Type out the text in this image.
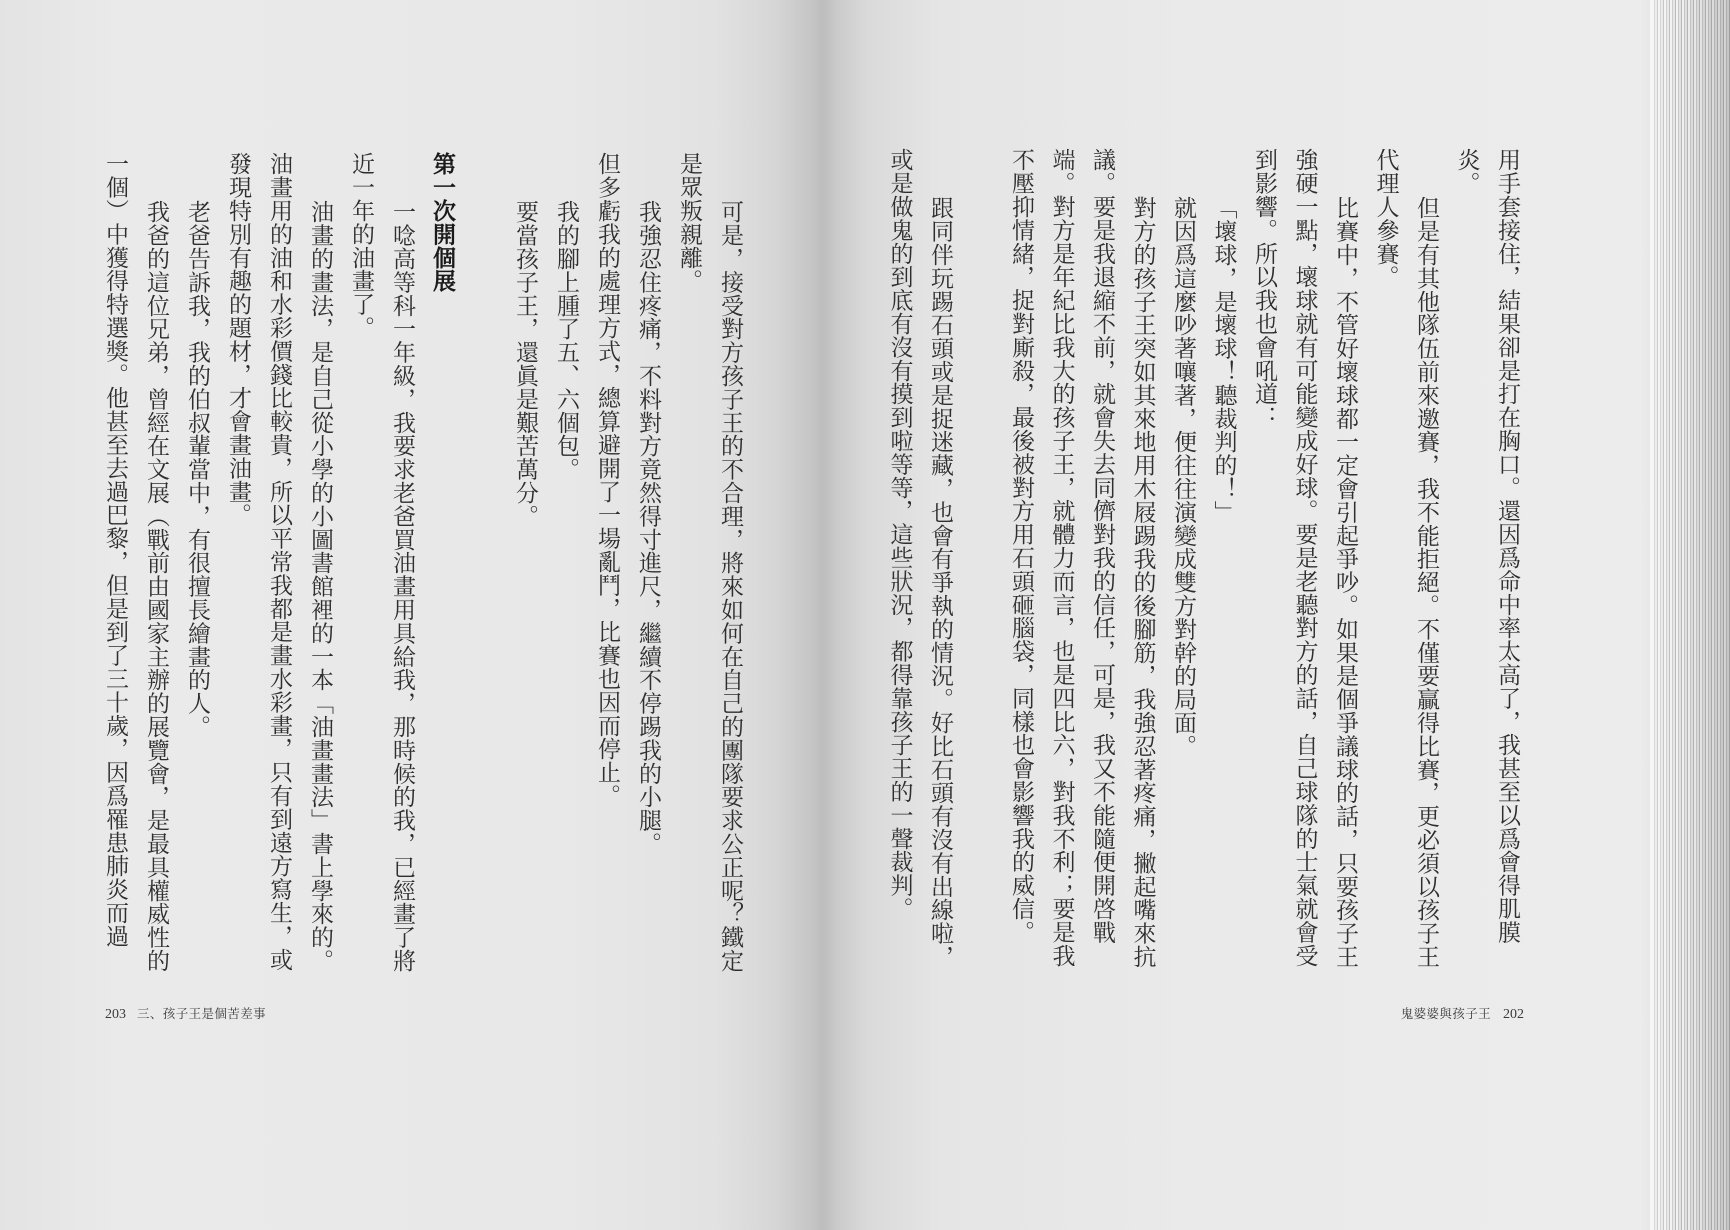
可是，接受對方孩子王的不合理，將來如何在自己的團隊要求公正呢？鐵定
是眾叛親離。
我強忍住疼痛，不料對方竟然得寸進尺，繼續不停踢我的小腿。
但多虧我的處理方式，總算避開了一場亂鬥，比賽也因而停止。
我的腳上腫了五、六個包。
要當孩子王，還眞是艱苦萬分。
第一次開個展
一唸高等科一年級，我要求老爸買油畫用具給我，那時候的我，已經畫了將
近一年的油畫了。
油畫的畫法，是自己從小學的小圖書館裡的一本「油畫畫法」書上學來的。
油畫用的油和水彩價錢比較貴，所以平常我都是畫水彩畫，只有到遠方寫生，或
發現特別有趣的題材，才會畫油畫。
老爸告訴我，我的伯叔輩當中，有很擅長繪畫的人。
我爸的這位兄弟，曾經在文展（戰前由國家主辦的展覽會，是最具權威性的
一個）中獲得特選獎。他甚至去過巴黎，但是到了三十歲，因爲罹患肺炎而過
203 三、孩子王是個苦差事
用手套接住，結果卻是打在胸口。還因爲命中率太高了，我甚至以爲會得肌膜
炎。
但是有其他隊伍前來邀賽，我不能拒絕。不僅要贏得比賽，更必須以孩子王
代理人參賽。
比賽中，不管好壞球都一定會引起爭吵。如果是個爭議球的話，只要孩子王
強硬一點，壞球就有可能變成好球。要是老聽對方的話，自己球隊的士氣就會受
到影響。所以我也會吼道：
「壞球，是壞球！聽裁判的！」
就因爲這麼吵著嚷著，便往往演變成雙方對幹的局面。
對方的孩子王突如其來地用木屐踢我的後腳筋，我強忍著疼痛，撇起嘴來抗
議。要是我退縮不前，就會失去同儕對我的信任，可是，我又不能隨便開啓戰
端。對方是年紀比我大的孩子王，就體力而言，也是四比六，對我不利；要是我
不壓抑情緒，捉對廝殺，最後被對方用石頭砸腦袋，同樣也會影響我的威信。
跟同伴玩踢石頭或是捉迷藏，也會有爭執的情況。好比石頭有沒有出線啦，
或是做鬼的到底有沒有摸到啦等等，這些狀況，都得靠孩子王的一聲裁判。
鬼婆婆與孩子王 202
